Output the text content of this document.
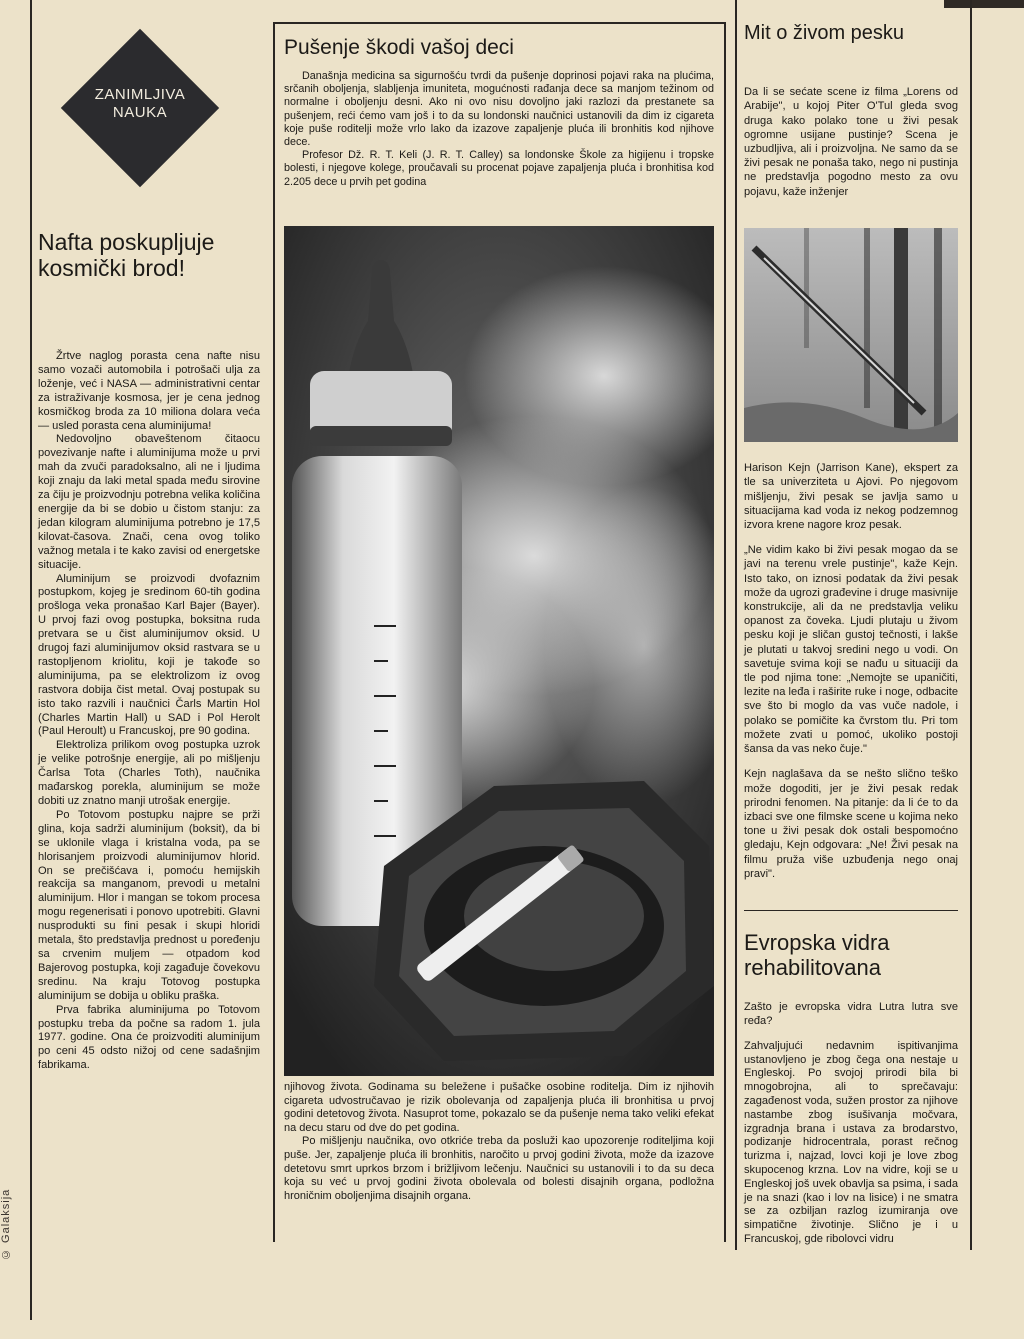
ZANIMLJIVA
NAUKA
Nafta poskupljuje kosmički brod!

Žrtve naglog porasta cena nafte nisu samo vozači automobila i potrošači ulja za loženje, već i NASA — administrativni centar za istraživanje kosmosa, jer je cena jednog kosmičkog broda za 10 miliona dolara veća — usled porasta cena aluminijuma!

Nedovoljno obaveštenom čitaocu povezivanje nafte i aluminijuma može u prvi mah da zvuči paradoksalno, ali ne i ljudima koji znaju da laki metal spada među sirovine za čiju je proizvodnju potrebna velika količina energije da bi se dobio u čistom stanju: za jedan kilogram aluminijuma potrebno je 17,5 kilovat-časova. Znači, cena ovog toliko važnog metala i te kako zavisi od energetske situacije.

Aluminijum se proizvodi dvofaznim postupkom, kojeg je sredinom 60-tih godina prošloga veka pronašao Karl Bajer (Bayer). U prvoj fazi ovog postupka, boksitna ruda pretvara se u čist aluminijumov oksid. U drugoj fazi aluminijumov oksid rastvara se u rastopljenom kriolitu, koji je takođe so aluminijuma, pa se elektrolizom iz ovog rastvora dobija čist metal. Ovaj postupak su isto tako razvili i naučnici Čarls Martin Hol (Charles Martin Hall) u SAD i Pol Herolt (Paul Heroult) u Francuskoj, pre 90 godina.

Elektroliza prilikom ovog postupka uzrok je velike potrošnje energije, ali po mišljenju Čarlsa Tota (Charles Toth), naučnika mađarskog porekla, aluminijum se može dobiti uz znatno manji utrošak energije.

Po Totovom postupku najpre se prži glina, koja sadrži aluminijum (boksit), da bi se uklonile vlaga i kristalna voda, pa se hlorisanjem proizvodi aluminijumov hlorid. On se prečišćava i, pomoću hemijskih reakcija sa manganom, prevodi u metalni aluminijum. Hlor i mangan se tokom procesa mogu regenerisati i ponovo upotrebiti. Glavni nusprodukti su fini pesak i skupi hloridi metala, što predstavlja prednost u poređenju sa crvenim muljem — otpadom kod Bajerovog postupka, koji zagađuje čovekovu sredinu. Na kraju Totovog postupka aluminijum se dobija u obliku praška.

Prva fabrika aluminijuma po Totovom postupku treba da počne sa radom 1. jula 1977. godine. Ona će proizvoditi aluminijum po ceni 45 odsto nižoj od cene sadašnjim fabrikama.

Pušenje škodi vašoj deci

Današnja medicina sa sigurnošću tvrdi da pušenje doprinosi pojavi raka na plućima, srčanih oboljenja, slabljenja imuniteta, mogućnosti rađanja dece sa manjom težinom od normalne i oboljenju desni. Ako ni ovo nisu dovoljno jaki razlozi da prestanete sa pušenjem, reći ćemo vam još i to da su londonski naučnici ustanovili da dim iz cigareta koje puše roditelji može vrlo lako da izazove zapaljenje pluća ili bronhitis kod njihove dece.

Profesor Dž. R. T. Keli (J. R. T. Calley) sa londonske Škole za higijenu i tropske bolesti, i njegove kolege, proučavali su procenat pojave zapaljenja pluća i bronhitisa kod 2.205 dece u prvih pet godina

njihovog života. Godinama su beležene i pušačke osobine roditelja. Dim iz njihovih cigareta udvostručavao je rizik obolevanja od zapaljenja pluća ili bronhitisa u prvoj godini detetovog života. Nasuprot tome, pokazalo se da pušenje nema tako veliki efekat na decu staru od dve do pet godina.

Po mišljenju naučnika, ovo otkriće treba da posluži kao upozorenje roditeljima koji puše. Jer, zapaljenje pluća ili bronhitis, naročito u prvoj godini života, može da izazove detetovu smrt uprkos brzom i brižljivom lečenju. Naučnici su ustanovili i to da su deca koja su već u prvoj godini života obolevala od bolesti disajnih organa, podložna hroničnim oboljenjima disajnih organa.

Mit o živom pesku

Da li se sećate scene iz filma „Lorens od Arabije", u kojoj Piter O'Tul gleda svog druga kako polako tone u živi pesak ogromne usijane pustinje? Scena je uzbudljiva, ali i proizvoljna. Ne samo da se živi pesak ne ponaša tako, nego ni pustinja ne predstavlja pogodno mesto za ovu pojavu, kaže inženjer

Harison Kejn (Jarrison Kane), ekspert za tle sa univerziteta u Ajovi. Po njegovom mišljenju, živi pesak se javlja samo u situacijama kad voda iz nekog podzemnog izvora krene nagore kroz pesak.

„Ne vidim kako bi živi pesak mogao da se javi na terenu vrele pustinje", kaže Kejn. Isto tako, on iznosi podatak da živi pesak može da ugrozi građevine i druge masivnije konstrukcije, ali da ne predstavlja veliku opanost za čoveka. Ljudi plutaju u živom pesku koji je sličan gustoj tečnosti, i lakše je plutati u takvoj sredini nego u vodi. On savetuje svima koji se nađu u situaciji da tle pod njima tone: „Nemojte se upaničiti, lezite na leđa i raširite ruke i noge, odbacite sve što bi moglo da vas vuče nadole, i polako se pomičite ka čvrstom tlu. Pri tom možete zvati u pomoć, ukoliko postoji šansa da vas neko čuje."

Kejn naglašava da se nešto slično teško može dogoditi, jer je živi pesak redak prirodni fenomen. Na pitanje: da li će to da izbaci sve one filmske scene u kojima neko tone u živi pesak dok ostali bespomoćno gledaju, Kejn odgovara: „Ne! Živi pesak na filmu pruža više uzbuđenja nego onaj pravi".

Evropska vidra rehabilitovana

Zašto je evropska vidra Lutra lutra sve ređa?

Zahvaljujući nedavnim ispitivanjima ustanovljeno je zbog čega ona nestaje u Engleskoj. Po svojoj prirodi bila bi mnogobrojna, ali to sprečavaju: zagađenost voda, sužen prostor za njihove nastambe zbog isušivanja močvara, izgradnja brana i ustava za brodarstvo, podizanje hidrocentrala, porast rečnog turizma i, najzad, lovci koji je love zbog skupocenog krzna. Lov na vidre, koji se u Engleskoj još uvek obavlja sa psima, i sada je na snazi (kao i lov na lisice) i ne smatra se za ozbiljan razlog izumiranja ove simpatične životinje. Slično je i u Francuskoj, gde ribolovci vidru

© Galaksija
